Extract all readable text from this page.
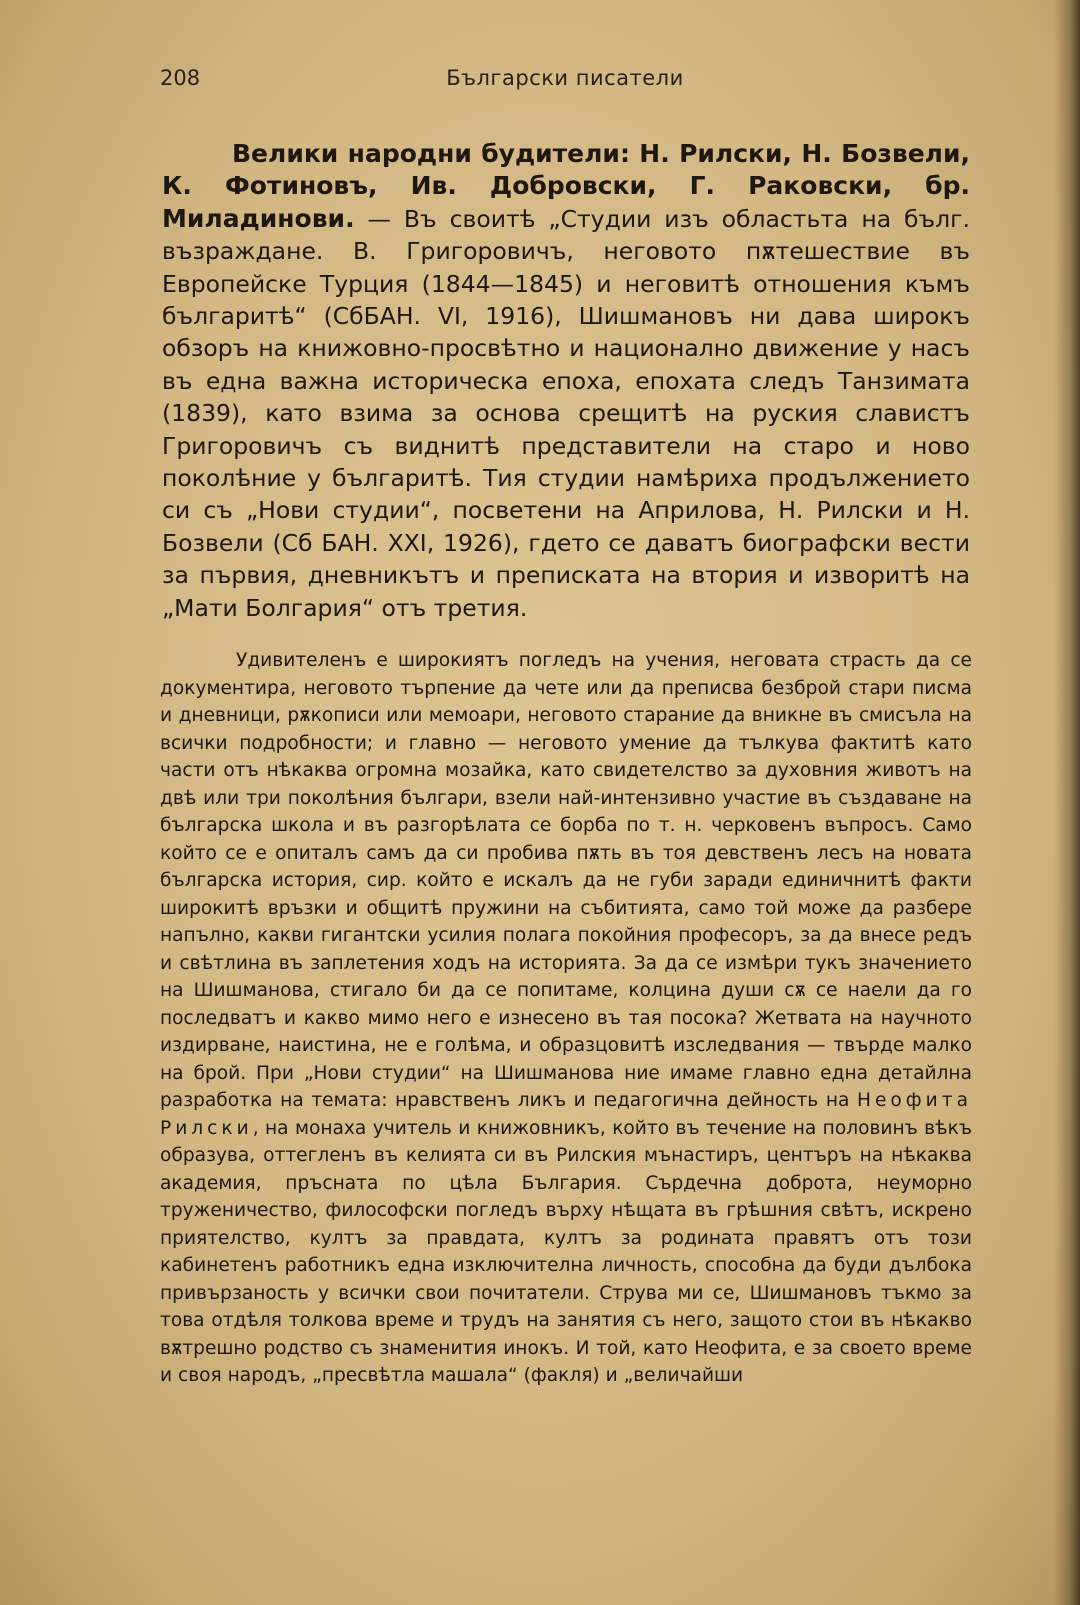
208	Български писатели

Велики народни будители: Н. Рилски, Н. Бозвели, К. Фотиновъ, Ив. Добровски, Г. Раковски, бр. Миладинови. — Въ своитѣ „Студии изъ областьта на бълг. възраждане. В. Григоровичъ, неговото пѫтешествие въ Европейске Турция (1844—1845) и неговитѣ отношения къмъ българитѣ“ (СбБАН. VI, 1916), Шишмановъ ни дава широкъ обзоръ на книжовно-просвѣтно и национално движение у насъ въ една важна историческа епоха, епохата следъ Танзимата (1839), като взима за основа срещитѣ на руския славистъ Григоровичъ съ виднитѣ представители на старо и ново поколѣние у българитѣ. Тия студии намѣриха продължението си съ „Нови студии“, посветени на Априлова, Н. Рилски и Н. Бозвели (Сб БАН. XXI, 1926), гдето се даватъ биографски вести за първия, дневникътъ и преписката на втория и изворитѣ на „Мати Болгария“ отъ третия.

Удивителенъ е широкиятъ погледъ на учения, неговата страсть да се документира, неговото търпение да чете или да преписва безброй стари писма и дневници, рѫкописи или мемоари, неговото старание да вникне въ смисъла на всички подробности; и главно — неговото умение да тълкува фактитѣ като части отъ нѣкаква огромна мозайка, като свидетелство за духовния животъ на двѣ или три поколѣния българи, взели най-интензивно участие въ създаване на българска школа и въ разгорѣлата се борба по т. н. черковенъ въпросъ. Само който се е опиталъ самъ да си пробива пѫть въ тоя девственъ лесъ на новата българска история, сир. който е искалъ да не губи заради единичнитѣ факти широкитѣ връзки и общитѣ пружини на събитията, само той може да разбере напълно, какви гигантски усилия полага покойния професоръ, за да внесе редъ и свѣтлина въ заплетения ходъ на историята. За да се измѣри тукъ значението на Шишманова, стигало би да се попитаме, колцина души сѫ се наели да го последватъ и какво мимо него е изнесено въ тая посока? Жетвата на научното издирване, наистина, не е голѣма, и образцовитѣ изследвания — твърде малко на брой. При „Нови студии“ на Шишманова ние имаме главно една детайлна разработка на темата: нравственъ ликъ и педагогична дейность на Неофита Рилски, на монаха учитель и книжовникъ, който въ течение на половинъ вѣкъ образува, оттегленъ въ келията си въ Рилския мънастиръ, центъръ на нѣкаква академия, пръсната по цѣла България. Сърдечна доброта, неуморно труженичество, философски погледъ върху нѣщата въ грѣшния свѣтъ, искрено приятелство, култъ за правдата, култъ за родината правятъ отъ този кабинетенъ работникъ една изключителна личность, способна да буди дълбока привързаность у всички свои почитатели. Струва ми се, Шишмановъ тъкмо за това отдѣля толкова време и трудъ на занятия съ него, защото стои въ нѣкакво вѫтрешно родство съ знаменития инокъ. И той, като Неофита, е за своето време и своя народъ, „пресвѣтла машала“ (факля) и „величайши
